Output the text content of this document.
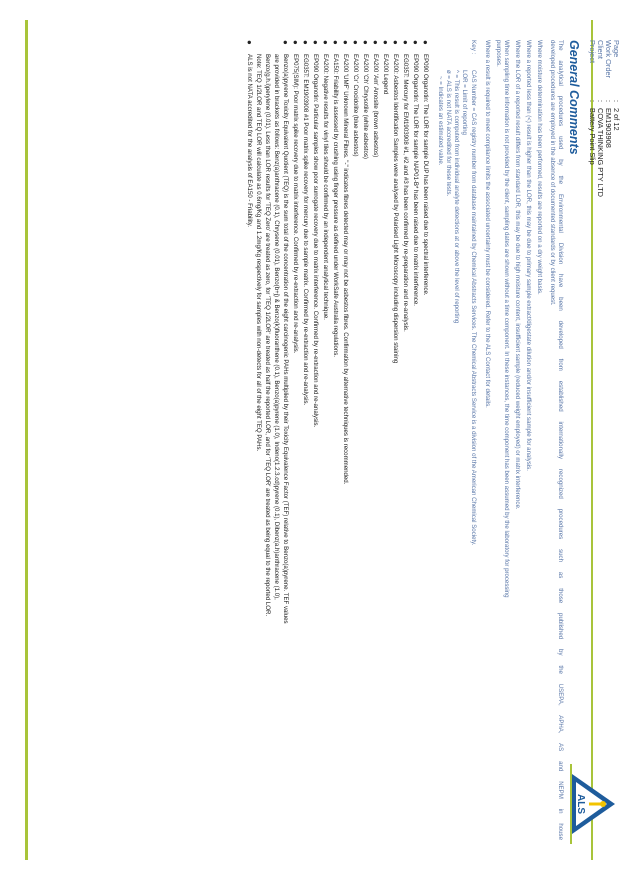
Page
:
2 of 12
Work Order
:
EM1903908
Client
:
COVA THINKING PTY LTD
Project
:
Battery Point Slip
ALS
General Comments
The analytical procedures used by the Environmental Division have been developed from established internationally recognized procedures such as those published by the USEPA, APHA, AS and NEPM in house
developed procedures are employed in the absence of documented standards or by client request.
Where moisture determination has been performed, results are reported on a dry weight basis.
Where a reported less than (<) result is higher than the LOR, this may be due to primary sample extract/digestate dilution and/or insufficient sample for analysis.
Where the LOR of a reported result differs from standard LOR, this may be due to high moisture content, insufficient sample (reduced weight employed) or matrix interference.
When sampling time information is not provided by the client, sampling dates are shown without a time component. In these instances, the time component has been assumed by the laboratory for processing
purposes.
Where a result is required to meet compliance limits the associated uncertainty must be considered. Refer to the ALS Contact for details.
Key :
CAS Number = CAS registry number from database maintained by Chemical Abstracts Services. The Chemical Abstracts Service is a division of the American Chemical Society.
LOR = Limit of reporting
^ = This result is computed from individual analyte detections at or above the level of reporting
ø = ALS is not NATA accredited for these tests.
~ = Indicates an estimated value.
●
EP090 Organotin: The LOR for sample DUP has been raised due to spectral interference.
●
EP090 Organotin: The LOR for sample NAP01-B* has been raised due to matrix interference.
●
EG035T: Mercury for EM1903908 #1, #2 and #3 has been confirmed by re-preparation and re-analysis.
●
EA200: Asbestos Identification Samples were analysed by Polarised Light Microscopy including dispersion staining
●
EA200 Legend
●
EA200 'Am' Amosite (brown asbestos)
●
EA200 'Ch' Chrysotile (white asbestos)
●
EA200 'Cr' Crocidolite (blue asbestos)
●
EA200 'UMF' Unknown Mineral Fibres. "-" indicates fibres detected may or may not be asbestos fibres. Confirmation by alternative techniques is recommended.
●
EA150: Friability is assessed by crushing using finger pressure as defined under WorkSafe Australia regulations.
●
EA200: Negative results for vinyl tiles should be confirmed by an independent analytical technique.
●
EP090 Organotin: Particular samples show poor surrogate recovery due to matrix interference. Confirmed by re-extraction and re-analysis.
●
EG035T: EM1903908 #1 Poor matrix spike recovery for mercury due to sample matrix. Confirmed by re-extraction and re-analysis.
●
EP075(SIM): Poor matrix spike recovery due to matrix interference. Confirmed by re-extraction and re-analysis.
●
Benzo(a)pyrene Toxicity Equivalent Quotient (TEQ) is the sum total of the concentration of the eight carcinogenic PAHs multiplied by their Toxicity Equivalence Factor (TEF) relative to Benzo(a)pyrene. TEF values
are provided in brackets as follows: Benz(a)anthracene (0.1), Chrysene (0.01), Benzo(b+j) & Benzo(k)fluoranthene (0.1), Benzo(a)pyrene (1.0), Indeno(1.2.3.cd)pyrene (0.1), Dibenz(a.h)anthracene (1.0),
Benzo(g.h.i)perylene (0.01). Less than LOR results for 'TEQ Zero' are treated as zero, for 'TEQ 1/2LOR' are treated as half the reported LOR, and for 'TEQ LOR' are treated as being equal to the reported LOR.
Note: TEQ 1/2LOR and TEQ LOR will calculate as 0.6mg/Kg and 1.2mg/Kg respectively for samples with non-detects for all of the eight TEQ PAHs.
●
ALS is not NATA accredited for the analysis of EA150 - Friability.
